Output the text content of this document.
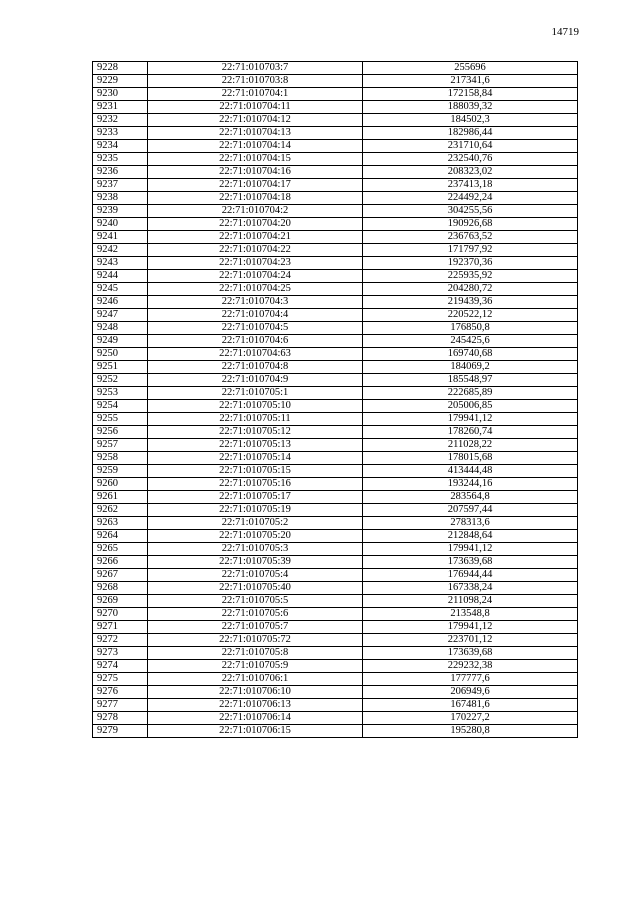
14719
9228	22:71:010703:7	255696
9229	22:71:010703:8	217341,6
9230	22:71:010704:1	172158,84
9231	22:71:010704:11	188039,32
9232	22:71:010704:12	184502,3
9233	22:71:010704:13	182986,44
9234	22:71:010704:14	231710,64
9235	22:71:010704:15	232540,76
9236	22:71:010704:16	208323,02
9237	22:71:010704:17	237413,18
9238	22:71:010704:18	224492,24
9239	22:71:010704:2	304255,56
9240	22:71:010704:20	190926,68
9241	22:71:010704:21	236763,52
9242	22:71:010704:22	171797,92
9243	22:71:010704:23	192370,36
9244	22:71:010704:24	225935,92
9245	22:71:010704:25	204280,72
9246	22:71:010704:3	219439,36
9247	22:71:010704:4	220522,12
9248	22:71:010704:5	176850,8
9249	22:71:010704:6	245425,6
9250	22:71:010704:63	169740,68
9251	22:71:010704:8	184069,2
9252	22:71:010704:9	185548,97
9253	22:71:010705:1	222685,89
9254	22:71:010705:10	205006,85
9255	22:71:010705:11	179941,12
9256	22:71:010705:12	178260,74
9257	22:71:010705:13	211028,22
9258	22:71:010705:14	178015,68
9259	22:71:010705:15	413444,48
9260	22:71:010705:16	193244,16
9261	22:71:010705:17	283564,8
9262	22:71:010705:19	207597,44
9263	22:71:010705:2	278313,6
9264	22:71:010705:20	212848,64
9265	22:71:010705:3	179941,12
9266	22:71:010705:39	173639,68
9267	22:71:010705:4	176944,44
9268	22:71:010705:40	167338,24
9269	22:71:010705:5	211098,24
9270	22:71:010705:6	213548,8
9271	22:71:010705:7	179941,12
9272	22:71:010705:72	223701,12
9273	22:71:010705:8	173639,68
9274	22:71:010705:9	229232,38
9275	22:71:010706:1	177777,6
9276	22:71:010706:10	206949,6
9277	22:71:010706:13	167481,6
9278	22:71:010706:14	170227,2
9279	22:71:010706:15	195280,8
